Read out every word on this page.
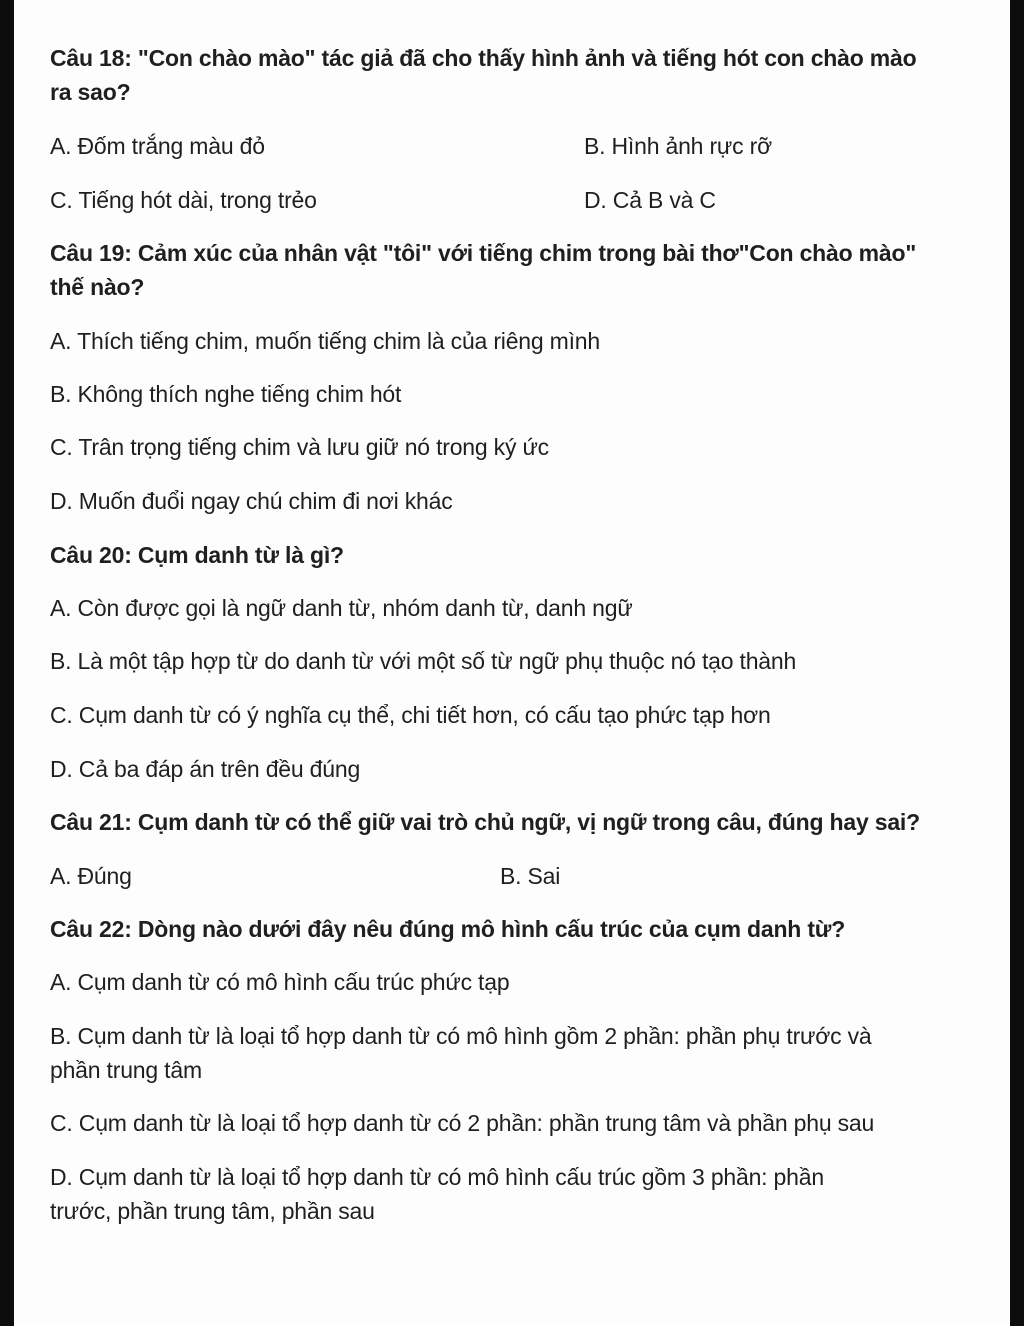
Câu 18: "Con chào mào" tác giả đã cho thấy hình ảnh và tiếng hót con chào mào
ra sao?
A. Đốm trắng màu đỏ	B. Hình ảnh rực rỡ
C. Tiếng hót dài, trong trẻo	D. Cả B và C
Câu 19: Cảm xúc của nhân vật "tôi" với tiếng chim trong bài thơ"Con chào mào"
thế nào?
A. Thích tiếng chim, muốn tiếng chim là của riêng mình
B. Không thích nghe tiếng chim hót
C. Trân trọng tiếng chim và lưu giữ nó trong ký ức
D. Muốn đuổi ngay chú chim đi nơi khác
Câu 20: Cụm danh từ là gì?
A. Còn được gọi là ngữ danh từ, nhóm danh từ, danh ngữ
B. Là một tập hợp từ do danh từ với một số từ ngữ phụ thuộc nó tạo thành
C. Cụm danh từ có ý nghĩa cụ thể, chi tiết hơn, có cấu tạo phức tạp hơn
D. Cả ba đáp án trên đều đúng
Câu 21: Cụm danh từ có thể giữ vai trò chủ ngữ, vị ngữ trong câu, đúng hay sai?
A. Đúng	B. Sai
Câu 22: Dòng nào dưới đây nêu đúng mô hình cấu trúc của cụm danh từ?
A. Cụm danh từ có mô hình cấu trúc phức tạp
B. Cụm danh từ là loại tổ hợp danh từ có mô hình gồm 2 phần: phần phụ trước và
phần trung tâm
C. Cụm danh từ là loại tổ hợp danh từ có 2 phần: phần trung tâm và phần phụ sau
D. Cụm danh từ là loại tổ hợp danh từ có mô hình cấu trúc gồm 3 phần: phần
trước, phần trung tâm, phần sau
